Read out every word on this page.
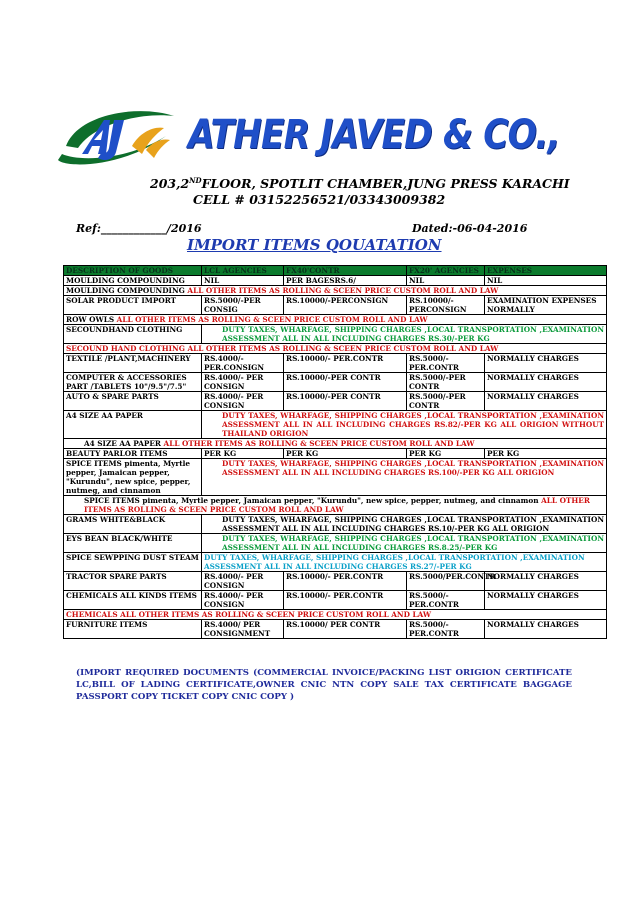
ATHER JAVED & CO.,
203,2NDFLOOR, SPOTLIT CHAMBER,JUNG PRESS KARACHI
CELL # 03152256521/03343009382
Ref:____________/2016	Dated:-06-04-2016
IMPORT ITEMS QOUATATION
DESCRIPTION OF GOODS	LCL AGENCIES	FX40'CONTR	FX20' AGENCIES	EXPENSES
MOULDING COMPOUNDING	NIL	PER BAGESRS.6/	NIL	NIL
MOULDING COMPOUNDING ALL OTHER ITEMS AS ROLLING & SCEEN PRICE CUSTOM ROLL AND LAW				
SOLAR PRODUCT IMPORT	RS.5000/-PER CONSIG	RS.10000/-PERCONSIGN	RS.10000/- PERCONSIGN	EXAMINATION EXPENSES NORMALLY
ROW OWLS ALL OTHER ITEMS AS ROLLING & SCEEN PRICE CUSTOM ROLL AND LAW				
SECOUNDHAND CLOTHING	DUTY TAXES, WHARFAGE, SHIPPING CHARGES ,LOCAL TRANSPORTATION ,EXAMINATION ASSESSMENT ALL IN ALL INCLUDING CHARGES RS.30/-PER KG			
SECOUND HAND CLOTHING ALL OTHER ITEMS AS ROLLING & SCEEN PRICE CUSTOM ROLL AND LAW				
TEXTILE /PLANT,MACHINERY	RS.4000/- PER.CONSIGN	RS.10000/- PER.CONTR	RS.5000/- PER.CONTR	NORMALLY CHARGES
COMPUTER & ACCESSORIES PART /TABLETS 10"/9.5"/7.5"	RS.4000/- PER CONSIGN	RS.10000/-PER CONTR	RS.5000/-PER CONTR	NORMALLY CHARGES
AUTO & SPARE PARTS	RS.4000/- PER CONSIGN	RS.10000/-PER CONTR	RS.5000/-PER CONTR	NORMALLY CHARGES
A4 SIZE AA PAPER	DUTY TAXES, WHARFAGE, SHIPPING CHARGES ,LOCAL TRANSPORTATION ,EXAMINATION ASSESSMENT ALL IN ALL INCLUDING CHARGES RS.82/-PER KG ALL ORIGION WITHOUT THAILAND ORIGION			
A4 SIZE AA PAPER ALL OTHER ITEMS AS ROLLING & SCEEN PRICE CUSTOM ROLL AND LAW				
BEAUTY PARLOR ITEMS	PER KG	PER KG	PER KG	PER KG
SPICE ITEMS pimenta, Myrtle pepper, Jamaican pepper, "Kurundu", new spice, pepper, nutmeg, and cinnamon	DUTY TAXES, WHARFAGE, SHIPPING CHARGES ,LOCAL TRANSPORTATION ,EXAMINATION ASSESSMENT ALL IN ALL INCLUDING CHARGES RS.100/-PER KG ALL ORIGION			
SPICE ITEMS pimenta, Myrtle pepper, Jamaican pepper, "Kurundu", new spice, pepper, nutmeg, and cinnamon ALL OTHER ITEMS AS ROLLING & SCEEN PRICE CUSTOM ROLL AND LAW				
GRAMS WHITE&BLACK	DUTY TAXES, WHARFAGE, SHIPPING CHARGES ,LOCAL TRANSPORTATION ,EXAMINATION ASSESSMENT ALL IN ALL INCLUDING CHARGES RS.10/-PER KG ALL ORIGION			
EYS BEAN BLACK/WHITE	DUTY TAXES, WHARFAGE, SHIPPING CHARGES ,LOCAL TRANSPORTATION ,EXAMINATION ASSESSMENT ALL IN ALL INCLUDING CHARGES RS.8.25/-PER KG			
SPICE SEWPPING DUST STEAM	DUTY TAXES, WHARFAGE, SHIPPING CHARGES ,LOCAL TRANSPORTATION ,EXAMINATION ASSESSMENT ALL IN ALL INCLUDING CHARGES RS.27/-PER KG			
TRACTOR SPARE PARTS	RS.4000/- PER CONSIGN	RS.10000/- PER.CONTR	RS.5000/PER.CONTR	NORMALLY CHARGES
CHEMICALS ALL KINDS ITEMS	RS.4000/- PER CONSIGN	RS.10000/- PER.CONTR	RS.5000/-PER.CONTR	NORMALLY CHARGES
CHEMICALS ALL OTHER ITEMS AS ROLLING & SCEEN PRICE CUSTOM ROLL AND LAW				
FURNITURE ITEMS	RS.4000/ PER CONSIGNMENT	RS.10000/ PER CONTR	RS.5000/-PER.CONTR	NORMALLY CHARGES
(IMPORT REQUIRED DOCUMENTS (COMMERCIAL INVOICE/PACKING LIST ORIGION CERTIFICATE LC,BILL OF LADING CERTIFICATE,OWNER CNIC NTN COPY SALE TAX CERTIFICATE BAGGAGE PASSPORT COPY TICKET COPY CNIC COPY )
